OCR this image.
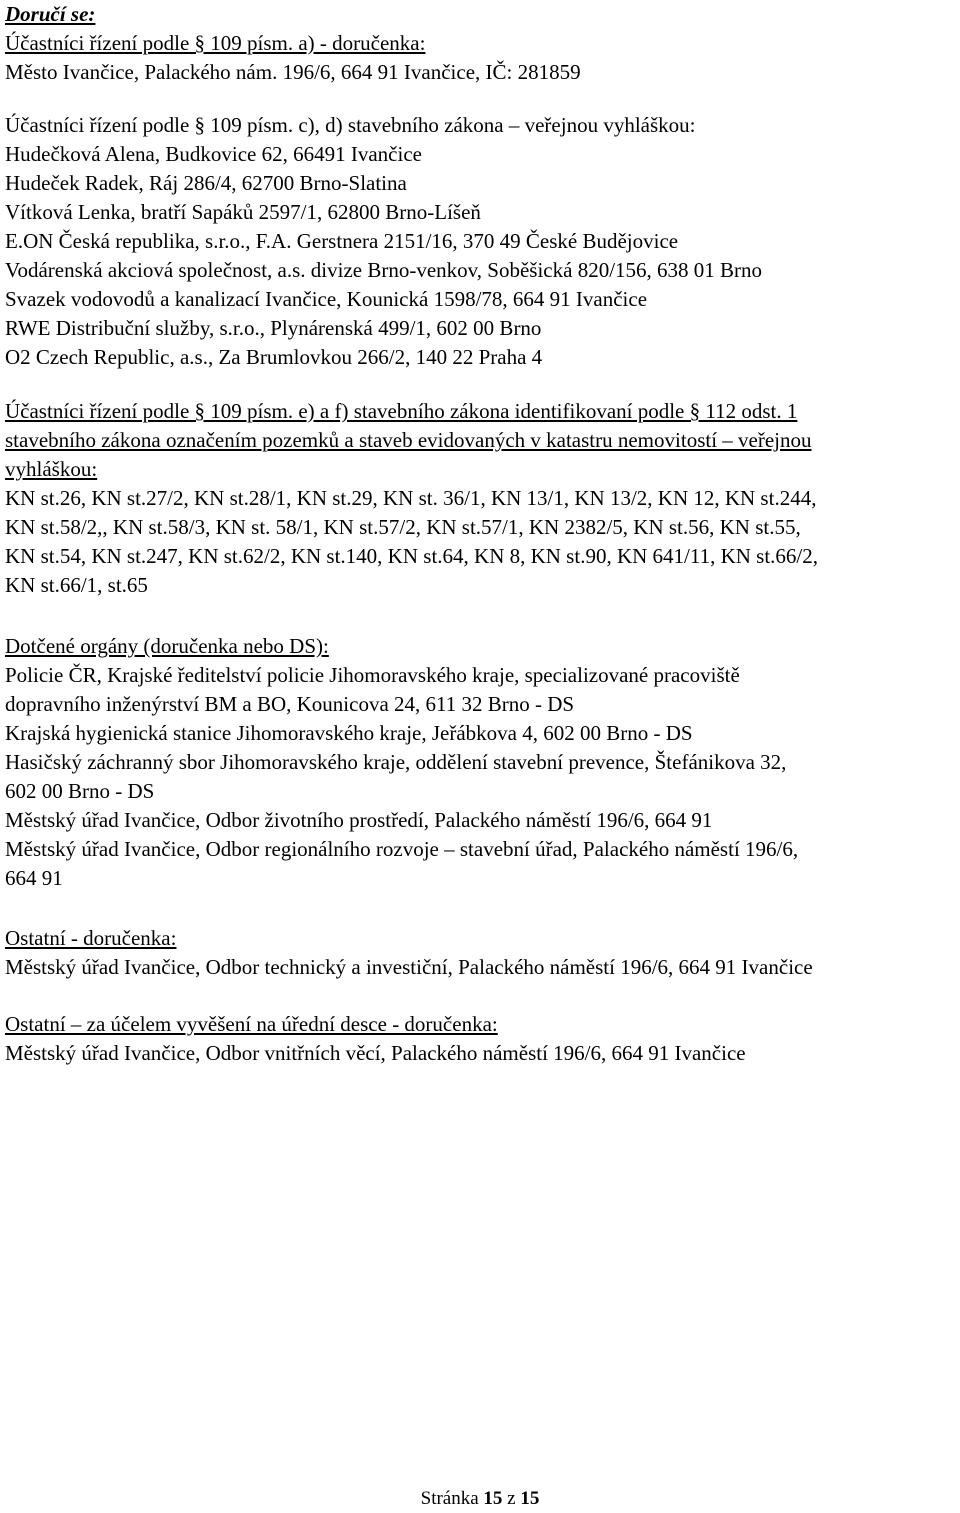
Doručí se:
Účastníci řízení podle § 109 písm. a) - doručenka:
Město Ivančice, Palackého nám. 196/6, 664 91 Ivančice, IČ: 281859
Účastníci řízení podle § 109 písm. c), d) stavebního zákona – veřejnou vyhláškou:
Hudečková Alena, Budkovice 62, 66491 Ivančice
Hudeček Radek, Ráj 286/4, 62700 Brno-Slatina
Vítková Lenka, bratří Sapáků 2597/1, 62800 Brno-Líšeň
E.ON Česká republika, s.r.o., F.A. Gerstnera 2151/16, 370 49 České Budějovice
Vodárenská akciová společnost, a.s. divize Brno-venkov, Soběšická 820/156, 638 01 Brno
Svazek vodovodů a kanalizací Ivančice, Kounická 1598/78, 664 91 Ivančice
RWE Distribuční služby, s.r.o., Plynárenská 499/1, 602 00 Brno
O2 Czech Republic, a.s., Za Brumlovkou 266/2, 140 22 Praha 4
Účastníci řízení podle § 109 písm. e) a f) stavebního zákona identifikovaní podle § 112 odst. 1
stavebního zákona označením pozemků a staveb evidovaných v katastru nemovitostí – veřejnou
vyhláškou:
KN st.26, KN st.27/2, KN st.28/1, KN st.29, KN st. 36/1, KN 13/1, KN 13/2, KN 12, KN st.244,
KN st.58/2,, KN st.58/3, KN st. 58/1, KN st.57/2, KN st.57/1, KN 2382/5, KN st.56, KN st.55,
KN st.54, KN st.247, KN st.62/2, KN st.140, KN st.64, KN 8, KN st.90, KN 641/11, KN st.66/2,
KN st.66/1, st.65
Dotčené orgány (doručenka nebo DS):
Policie ČR, Krajské ředitelství policie Jihomoravského kraje, specializované pracoviště
dopravního inženýrství BM a BO, Kounicova 24, 611 32 Brno - DS
Krajská hygienická stanice Jihomoravského kraje, Jeřábkova 4, 602 00 Brno - DS
Hasičský záchranný sbor Jihomoravského kraje, oddělení stavební prevence, Štefánikova 32,
602 00 Brno - DS
Městský úřad Ivančice, Odbor životního prostředí, Palackého náměstí 196/6, 664 91
Městský úřad Ivančice, Odbor regionálního rozvoje – stavební úřad, Palackého náměstí 196/6,
664 91
Ostatní - doručenka:
Městský úřad Ivančice, Odbor technický a investiční, Palackého náměstí 196/6, 664 91 Ivančice
Ostatní – za účelem vyvěšení na úřední desce - doručenka:
Městský úřad Ivančice, Odbor vnitřních věcí, Palackého náměstí 196/6, 664 91 Ivančice
Stránka 15 z 15
